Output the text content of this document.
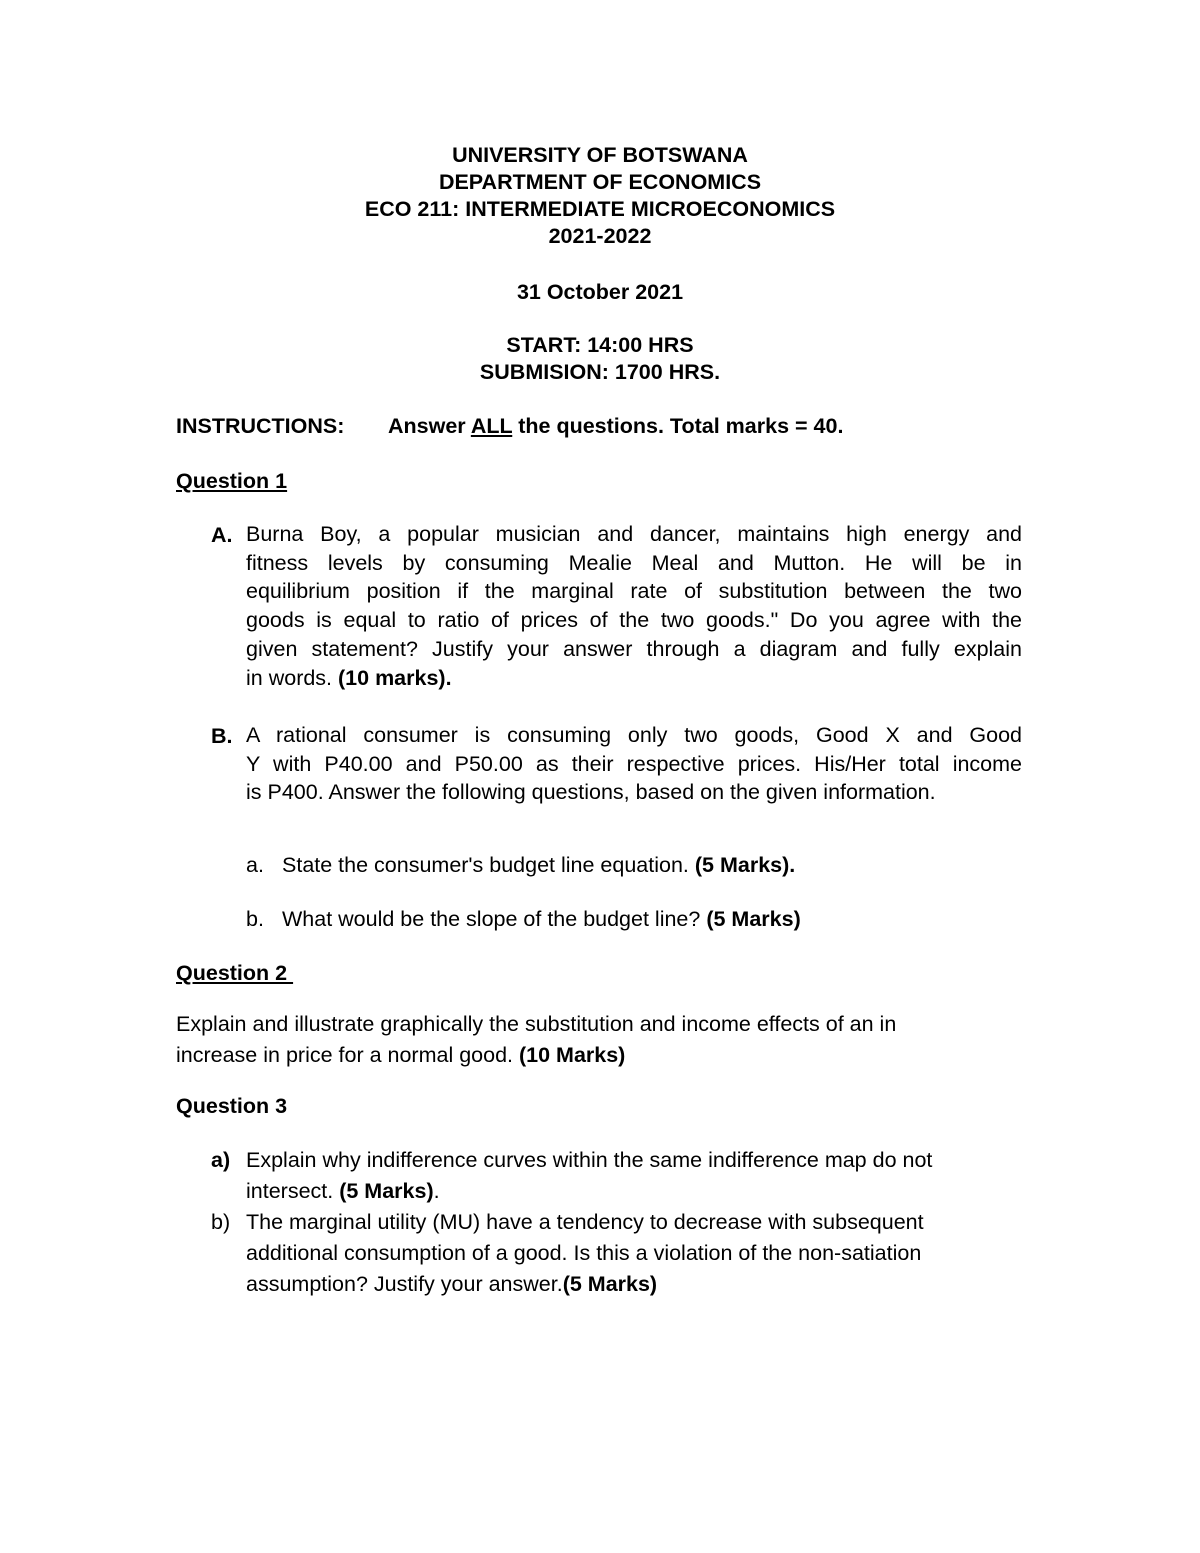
UNIVERSITY OF BOTSWANA
DEPARTMENT OF ECONOMICS
ECO 211: INTERMEDIATE MICROECONOMICS
2021-2022
31 October 2021
START: 14:00 HRS
SUBMISION: 1700 HRS.
INSTRUCTIONS: Answer ALL the questions. Total marks = 40.
Question 1
A. Burna Boy, a popular musician and dancer, maintains high energy and
fitness levels by consuming Mealie Meal and Mutton. He will be in
equilibrium position if the marginal rate of substitution between the two
goods is equal to ratio of prices of the two goods." Do you agree with the
given statement? Justify your answer through a diagram and fully explain
in words. (10 marks).
B. A rational consumer is consuming only two goods, Good X and Good
Y with P40.00 and P50.00 as their respective prices. His/Her total income
is P400. Answer the following questions, based on the given information.
a. State the consumer's budget line equation. (5 Marks).
b. What would be the slope of the budget line? (5 Marks)
Question 2
Explain and illustrate graphically the substitution and income effects of an in
increase in price for a normal good. (10 Marks)
Question 3
a) Explain why indifference curves within the same indifference map do not
intersect. (5 Marks).
b) The marginal utility (MU) have a tendency to decrease with subsequent
additional consumption of a good. Is this a violation of the non-satiation
assumption? Justify your answer.(5 Marks)
